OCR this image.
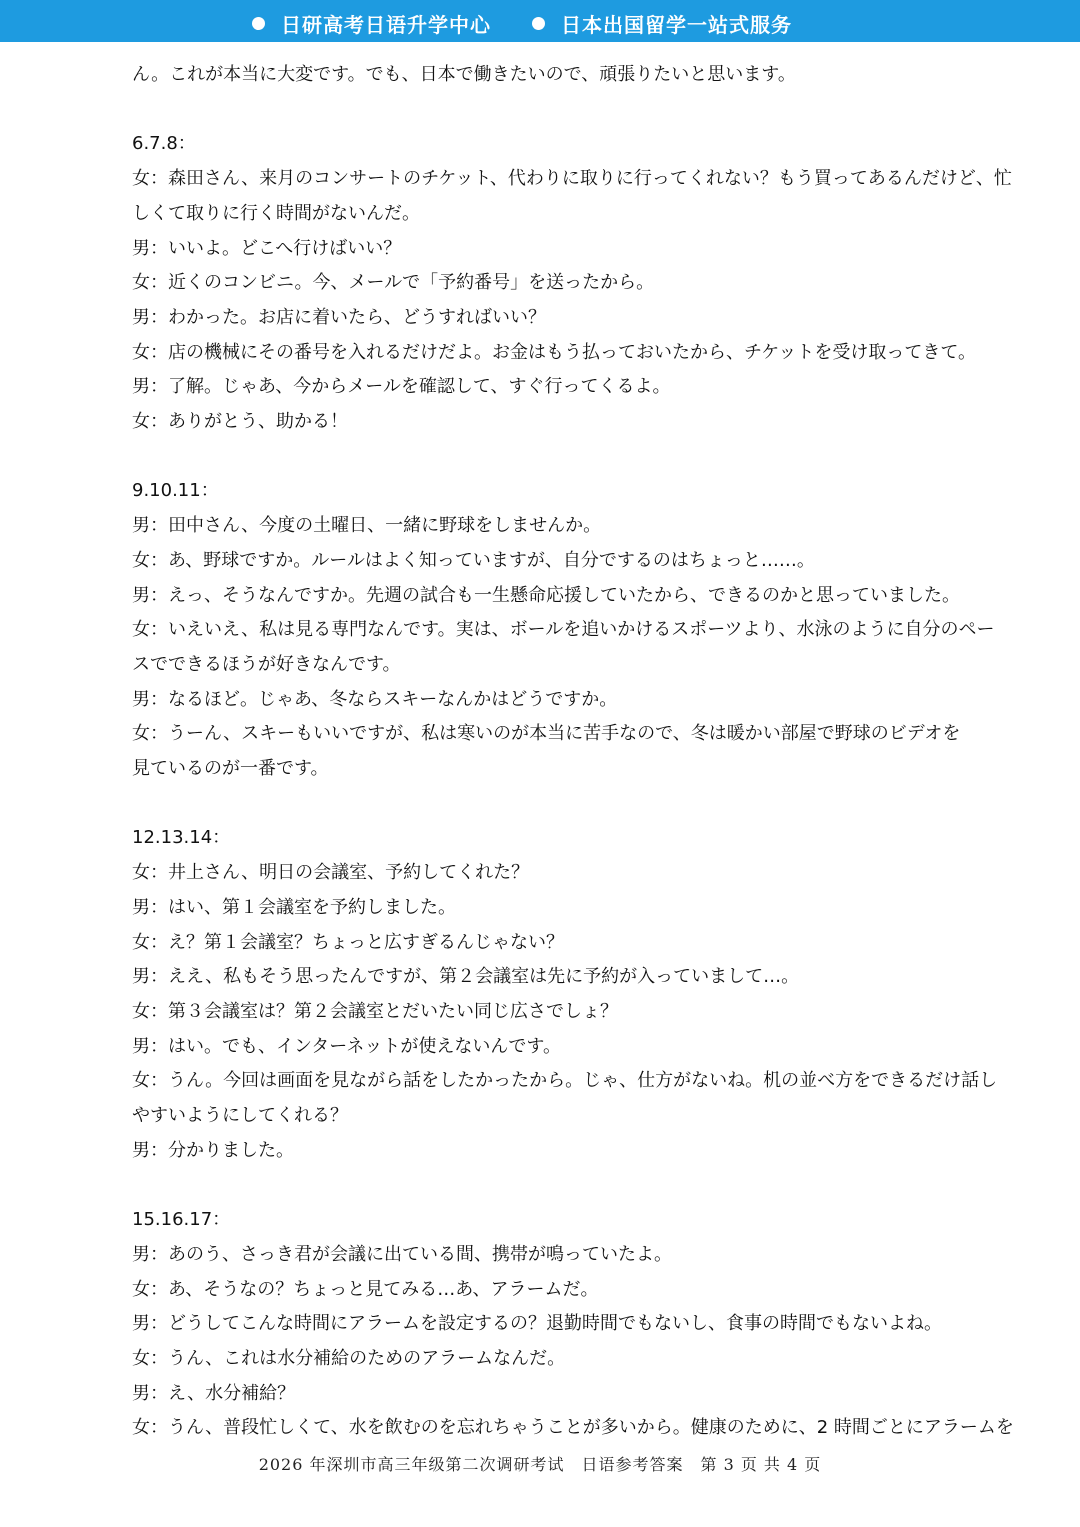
日研高考日语升学中心	日本出国留学一站式服务
ん。これが本当に大変です。でも、日本で働きたいので、頑張りたいと思います。

6.7.8：
女：森田さん、来月のコンサートのチケット、代わりに取りに行ってくれない？もう買ってあるんだけど、忙
しくて取りに行く時間がないんだ。
男：いいよ。どこへ行けばいい？
女：近くのコンビニ。今、メールで「予約番号」を送ったから。
男：わかった。お店に着いたら、どうすればいい？
女：店の機械にその番号を入れるだけだよ。お金はもう払っておいたから、チケットを受け取ってきて。
男：了解。じゃあ、今からメールを確認して、すぐ行ってくるよ。
女：ありがとう、助かる！

9.10.11：
男：田中さん、今度の土曜日、一緒に野球をしませんか。
女：あ、野球ですか。ルールはよく知っていますが、自分でするのはちょっと……。
男：えっ、そうなんですか。先週の試合も一生懸命応援していたから、できるのかと思っていました。
女：いえいえ、私は見る専門なんです。実は、ボールを追いかけるスポーツより、水泳のように自分のペー
スでできるほうが好きなんです。
男：なるほど。じゃあ、冬ならスキーなんかはどうですか。
女：うーん、スキーもいいですが、私は寒いのが本当に苦手なので、冬は暖かい部屋で野球のビデオを
見ているのが一番です。

12.13.14：
女：井上さん、明日の会議室、予約してくれた？
男：はい、第１会議室を予約しました。
女：え？第１会議室？ちょっと広すぎるんじゃない？
男：ええ、私もそう思ったんですが、第２会議室は先に予約が入っていまして…。
女：第３会議室は？第２会議室とだいたい同じ広さでしょ？
男：はい。でも、インターネットが使えないんです。
女：うん。今回は画面を見ながら話をしたかったから。じゃ、仕方がないね。机の並べ方をできるだけ話し
やすいようにしてくれる？
男：分かりました。

15.16.17：
男：あのう、さっき君が会議に出ている間、携帯が鳴っていたよ。
女：あ、そうなの？ちょっと見てみる…あ、アラームだ。
男：どうしてこんな時間にアラームを設定するの？退勤時間でもないし、食事の時間でもないよね。
女：うん、これは水分補給のためのアラームなんだ。
男：え、水分補給？
女：うん、普段忙しくて、水を飲むのを忘れちゃうことが多いから。健康のために、2 時間ごとにアラームを
2026 年深圳市高三年级第二次调研考试　日语参考答案　第 3 页 共 4 页
